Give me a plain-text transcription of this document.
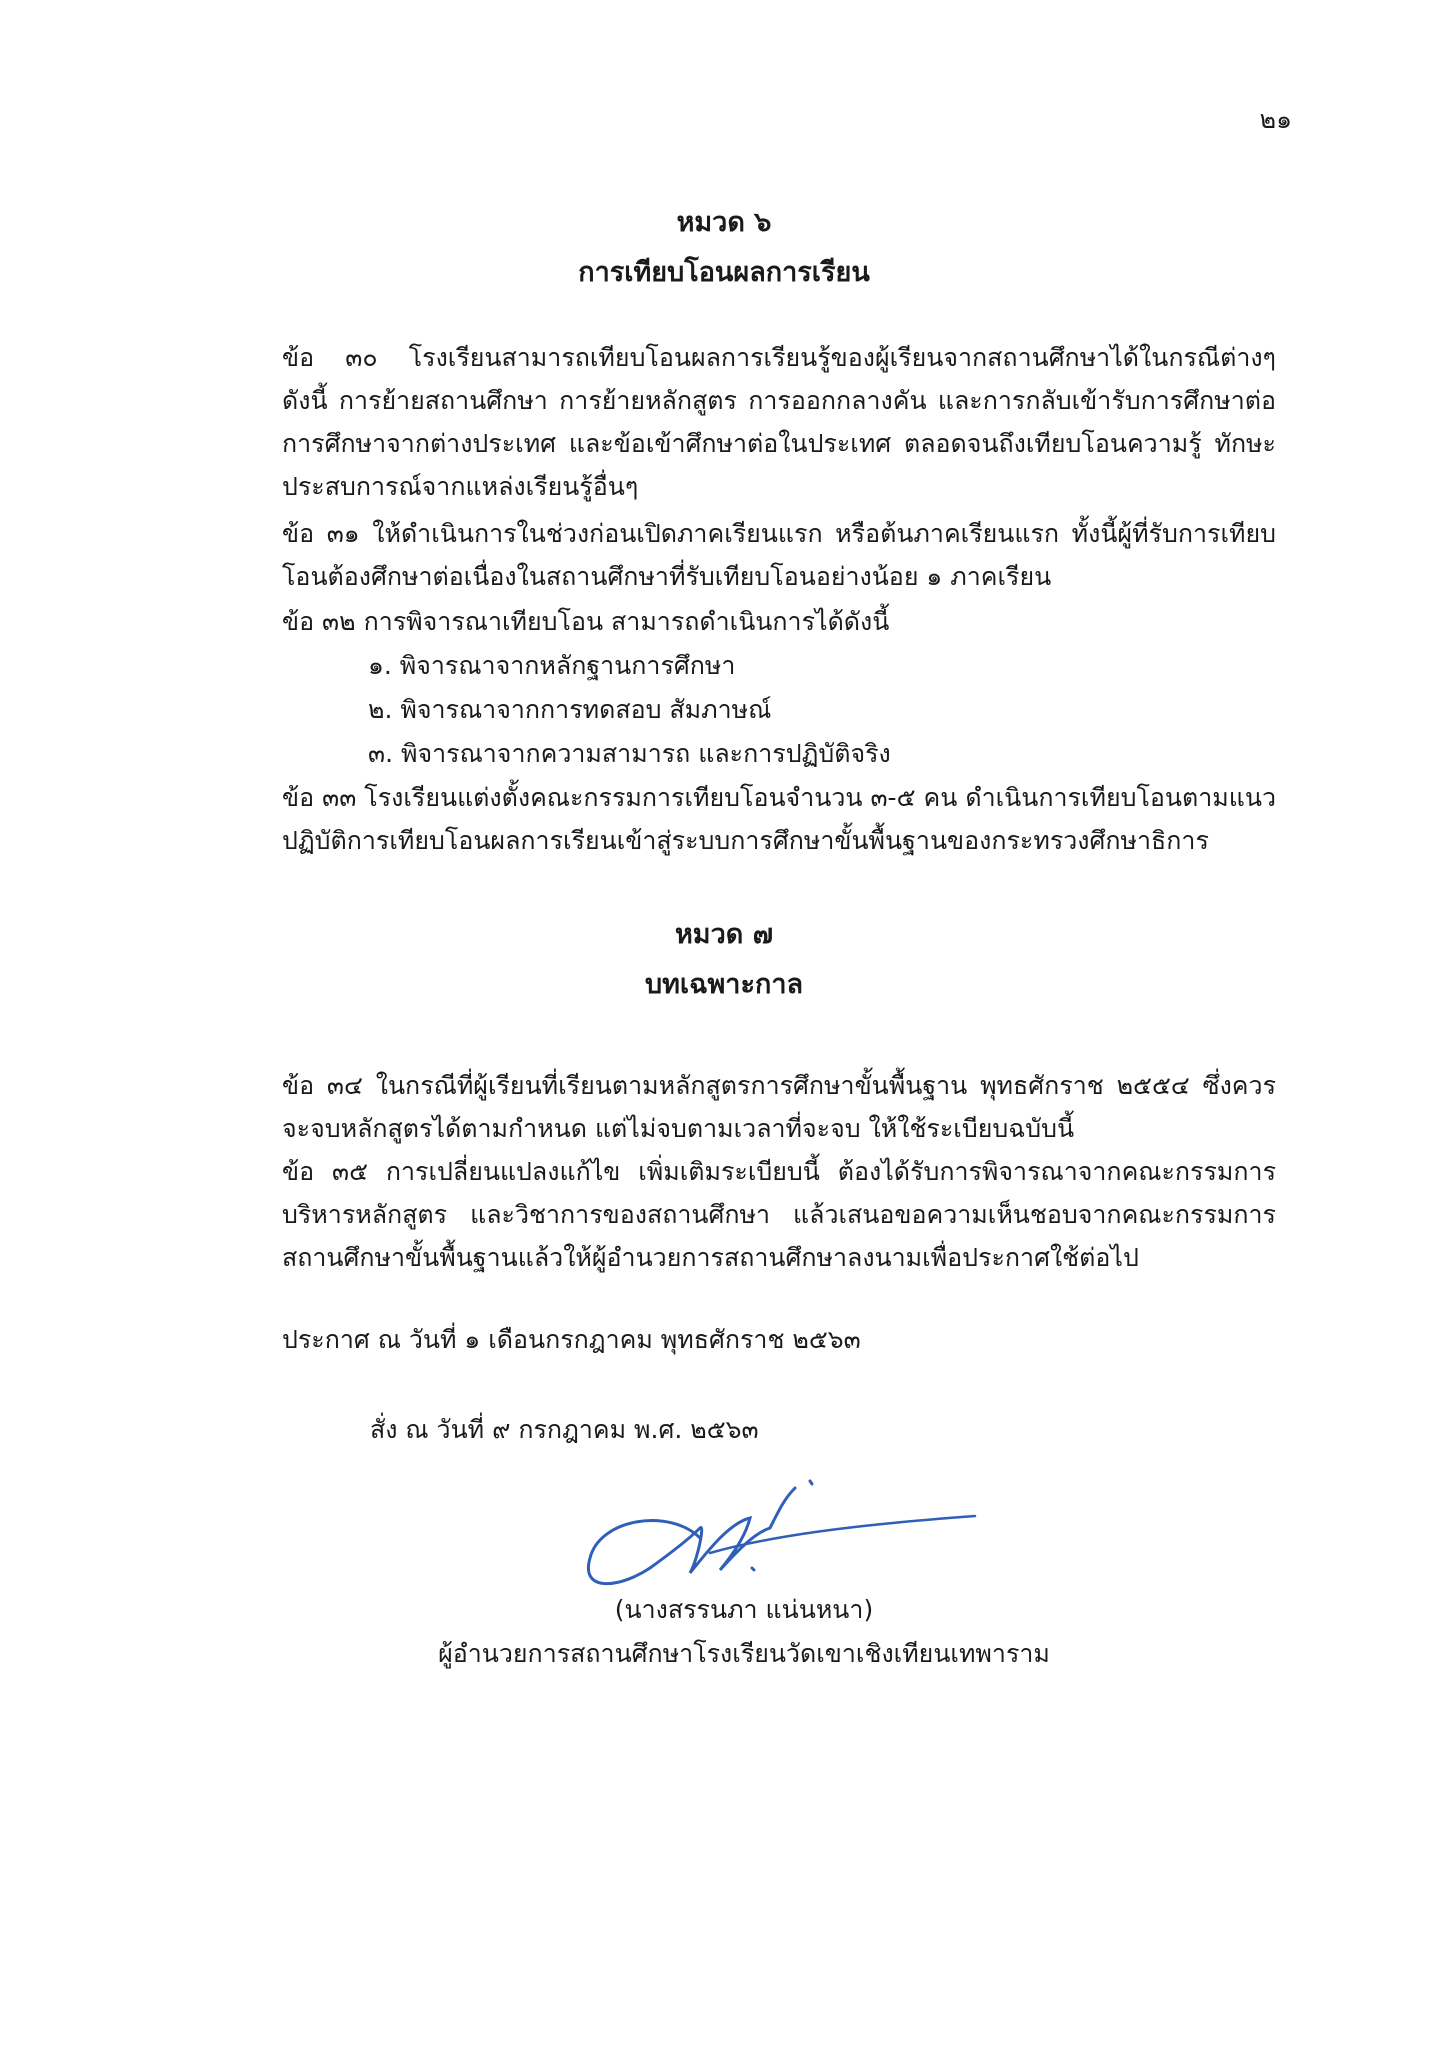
๒๑
หมวด ๖
การเทียบโอนผลการเรียน
ข้อ ๓๐ โรงเรียนสามารถเทียบโอนผลการเรียนรู้ของผู้เรียนจากสถานศึกษาได้ในกรณีต่างๆ ดังนี้ การย้ายสถานศึกษา การย้ายหลักสูตร การออกกลางคัน และการกลับเข้ารับการศึกษาต่อ การศึกษาจากต่างประเทศ และข้อเข้าศึกษาต่อในประเทศ ตลอดจนถึงเทียบโอนความรู้ ทักษะ ประสบการณ์จากแหล่งเรียนรู้อื่นๆ
ข้อ ๓๑ ให้ดำเนินการในช่วงก่อนเปิดภาคเรียนแรก หรือต้นภาคเรียนแรก ทั้งนี้ผู้ที่รับการเทียบโอนต้องศึกษาต่อเนื่องในสถานศึกษาที่รับเทียบโอนอย่างน้อย ๑ ภาคเรียน
ข้อ ๓๒ การพิจารณาเทียบโอน สามารถดำเนินการได้ดังนี้
๑. พิจารณาจากหลักฐานการศึกษา
๒. พิจารณาจากการทดสอบ สัมภาษณ์
๓. พิจารณาจากความสามารถ และการปฏิบัติจริง
ข้อ ๓๓ โรงเรียนแต่งตั้งคณะกรรมการเทียบโอนจำนวน ๓-๕ คน ดำเนินการเทียบโอนตามแนวปฏิบัติการเทียบโอนผลการเรียนเข้าสู่ระบบการศึกษาขั้นพื้นฐานของกระทรวงศึกษาธิการ
หมวด ๗
บทเฉพาะกาล
ข้อ ๓๔ ในกรณีที่ผู้เรียนที่เรียนตามหลักสูตรการศึกษาขั้นพื้นฐาน พุทธศักราช ๒๕๕๔ ซึ่งควรจะจบหลักสูตรได้ตามกำหนด แต่ไม่จบตามเวลาที่จะจบ ให้ใช้ระเบียบฉบับนี้
ข้อ ๓๕ การเปลี่ยนแปลงแก้ไข เพิ่มเติมระเบียบนี้ ต้องได้รับการพิจารณาจากคณะกรรมการบริหารหลักสูตร และวิชาการของสถานศึกษา แล้วเสนอขอความเห็นชอบจากคณะกรรมการสถานศึกษาขั้นพื้นฐานแล้วให้ผู้อำนวยการสถานศึกษาลงนามเพื่อประกาศใช้ต่อไป
ประกาศ ณ วันที่ ๑ เดือนกรกฎาคม พุทธศักราช ๒๕๖๓
สั่ง ณ วันที่ ๙ กรกฎาคม พ.ศ. ๒๕๖๓
(นางสรรนภา แน่นหนา)
ผู้อำนวยการสถานศึกษาโรงเรียนวัดเขาเชิงเทียนเทพาราม
